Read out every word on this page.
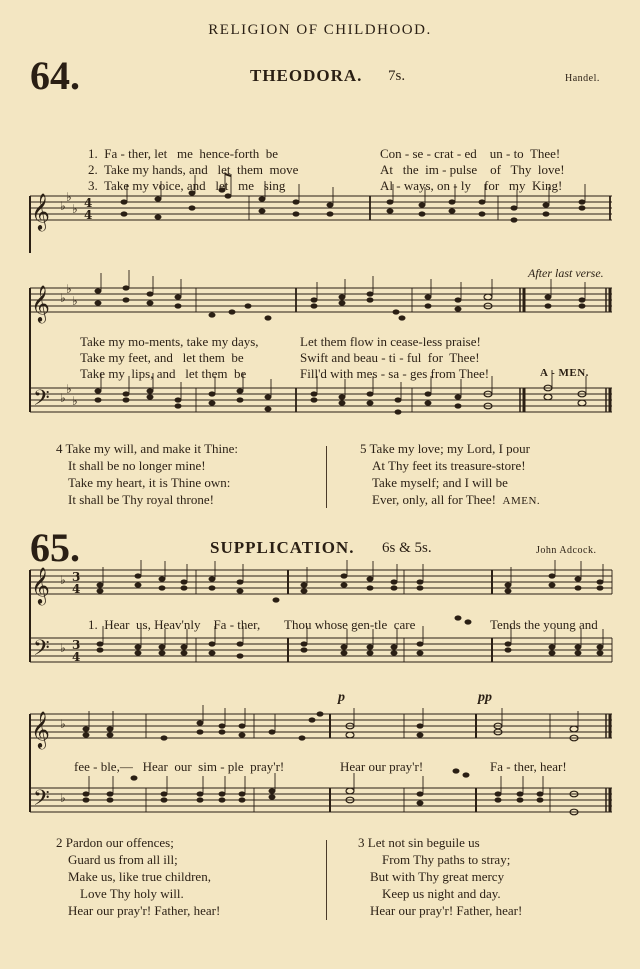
RELIGION OF CHILDHOOD.
64.	THEODORA. 7s.	Handel.
𝄞 ♭
♭
♭ 4
4
1.  Fa - ther, let   me  hence-forth  be	Con - se - crat - ed    un - to  Thee!
2.  Take my hands, and   let  them  move	At   the  im - pulse    of   Thy  love!
3.  Take my voice, and   let   me   sing	Al - ways, on - ly    for   my  King!
After last verse.
𝄞
𝄢
♭
♭
♭
♭
♭
♭
Take my mo-ments, take my days,	Let them flow in cease-less praise!
Take my feet, and   let them  be	Swift and beau - ti - ful  for  Thee!
Take my  lips, and   let them  be	Fill'd with mes - sa - ges from Thee!	A - MEN.
4 Take my will, and make it Thine:
It shall be no longer mine!
Take my heart, it is Thine own:
It shall be Thy royal throne!
5 Take my love; my Lord, I pour
At Thy feet its treasure-store!
Take myself; and I will be
Ever, only, all for Thee! AMEN.
65.	SUPPLICATION. 6s & 5s.	John Adcock.
𝄞
𝄢
♭
♭
3
4
3
4
1.  Hear  us, Heav'nly    Fa - ther, Thou whose gen-tle  care	Tends the young and
p	pp
𝄞
𝄢
♭
♭
fee - ble,—   Hear  our  sim - ple  pray'r!	Hear our pray'r!	Fa - ther, hear!
2 Pardon our offences;
Guard us from all ill;
Make us, like true children,
Love Thy holy will.
Hear our pray'r! Father, hear!
3 Let not sin beguile us
From Thy paths to stray;
But with Thy great mercy
Keep us night and day.
Hear our pray'r! Father, hear!
